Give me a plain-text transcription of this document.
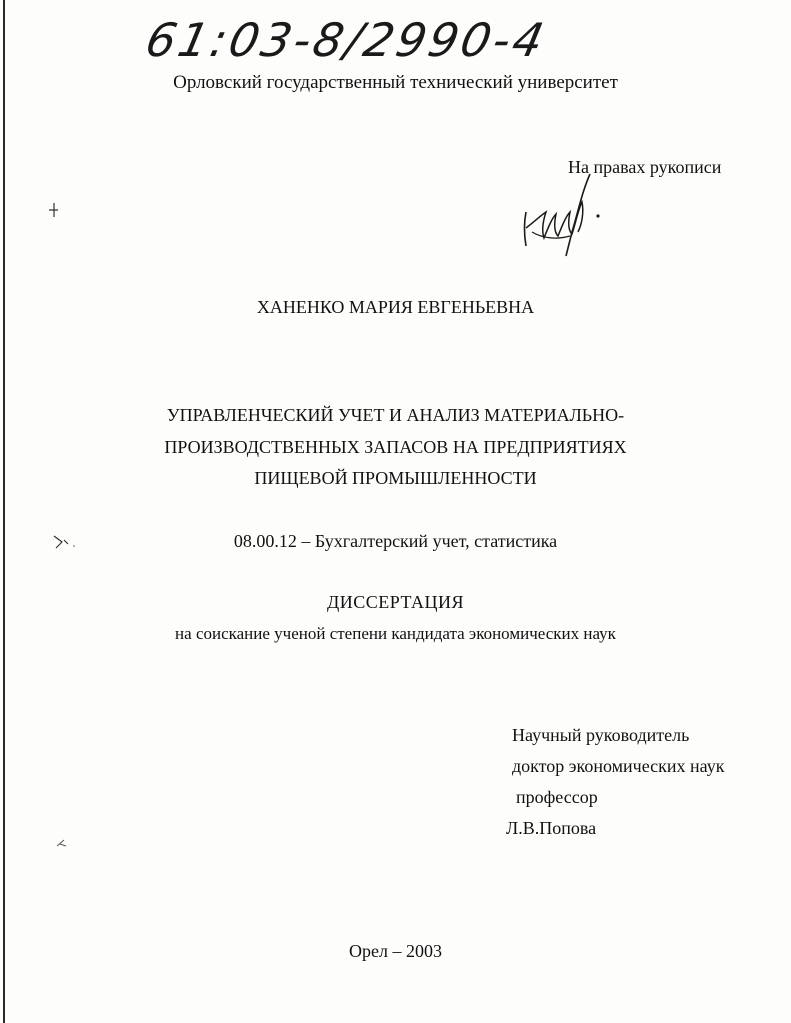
61:03-8/2990-4
Орловский государственный технический университет
На правах рукописи
ХАНЕНКО МАРИЯ ЕВГЕНЬЕВНА
УПРАВЛЕНЧЕСКИЙ УЧЕТ И АНАЛИЗ МАТЕРИАЛЬНО-
ПРОИЗВОДСТВЕННЫХ ЗАПАСОВ НА ПРЕДПРИЯТИЯХ
ПИЩЕВОЙ ПРОМЫШЛЕННОСТИ
08.00.12 – Бухгалтерский учет, статистика
ДИССЕРТАЦИЯ
на соискание ученой степени кандидата экономических наук
Научный руководитель
доктор экономических наук
профессор
Л.В.Попова
Орел – 2003
